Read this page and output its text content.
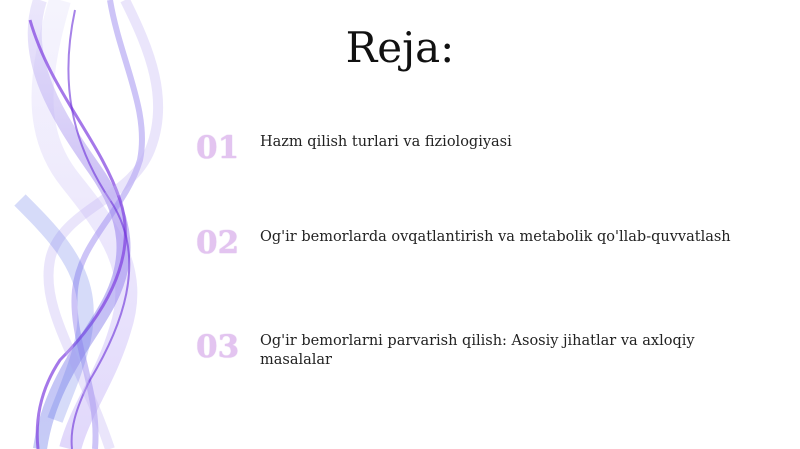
Reja:
01	Hazm qilish turlari va fiziologiyasi
02	Og'ir bemorlarda ovqatlantirish va metabolik qo'llab-quvvatlash
03	Og'ir bemorlarni parvarish qilish: Asosiy jihatlar va axloqiy masalalar
